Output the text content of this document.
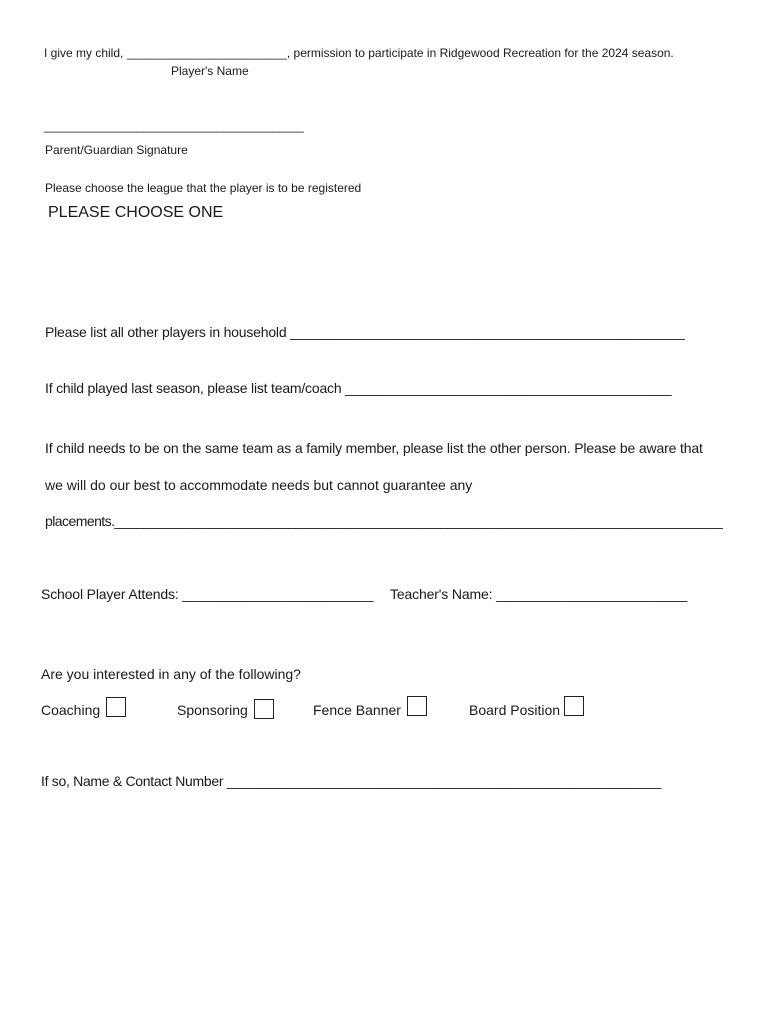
I give my child, ________________________, permission to participate in Ridgewood Recreation for the 2024 season.
Player's Name
__________________________________________
Parent/Guardian Signature
Please choose the league that the player is to be registered
PLEASE CHOOSE ONE
Please list all other players in household ____________________________________________________
If child played last season, please list team/coach ___________________________________________
If child needs to be on the same team as a family member, please list the other person. Please be aware that
we will do our best to accommodate needs but cannot guarantee any
placements.____________________________________________________________________________________
School Player Attends: _________________________ Teacher's Name: _________________________
Are you interested in any of the following?
Coaching	Sponsoring	Fence Banner	Board Position
If so, Name & Contact Number __________________________________________________________
